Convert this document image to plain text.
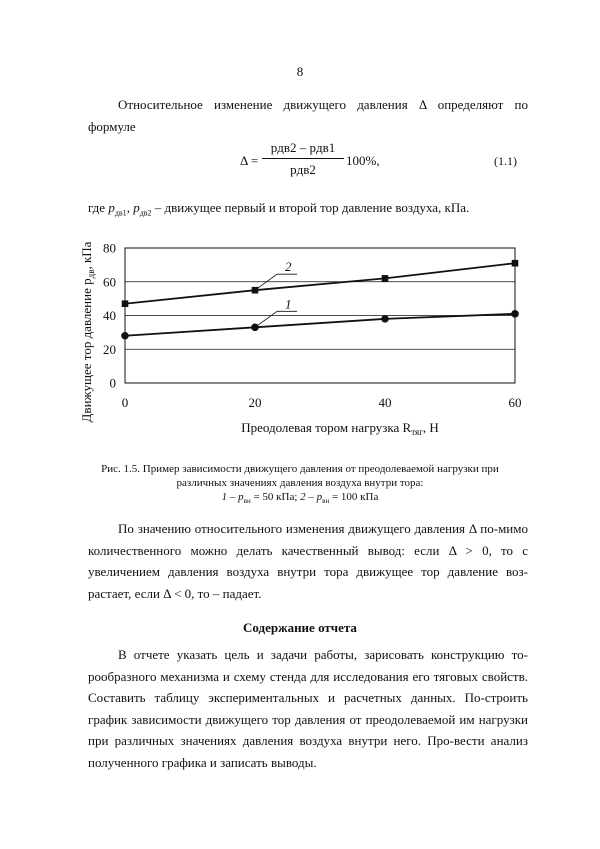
8

Относительное изменение движущего давления Δ определяют по формуле

Δ =
pдв2 – pдв1
pдв2
100%,	(1.1)
где $p_{дв1}$, $p_{дв2}$ – движущее первый и второй тор давление воздуха, кПа.
1
2
0
20
40
60
80
0	20	40	60
Движущее тор давление $p_{дв}$, кПа
Преодолевая тором нагрузка $R_{тяг}$, Н
Рис. 1.5. Пример зависимости движущего давления от преодолеваемой нагрузки при
различных значениях давления воздуха внутри тора:
$1 - p_{вн} = 50$ кПа; $2 - p_{вн} = 100$ кПа

По значению относительного изменения движущего давления Δ по-мимо количественного можно делать качественный вывод: если Δ > 0, то с увеличением давления воздуха внутри тора движущее тор давление воз-растает, если Δ < 0, то – падает.

Содержание отчета

В отчете указать цель и задачи работы, зарисовать конструкцию то-рообразного механизма и схему стенда для исследования его тяговых свойств. Составить таблицу экспериментальных и расчетных данных. По-строить график зависимости движущего тор давления от преодолеваемой им нагрузки при различных значениях давления воздуха внутри него. Про-вести анализ полученного графика и записать выводы.
